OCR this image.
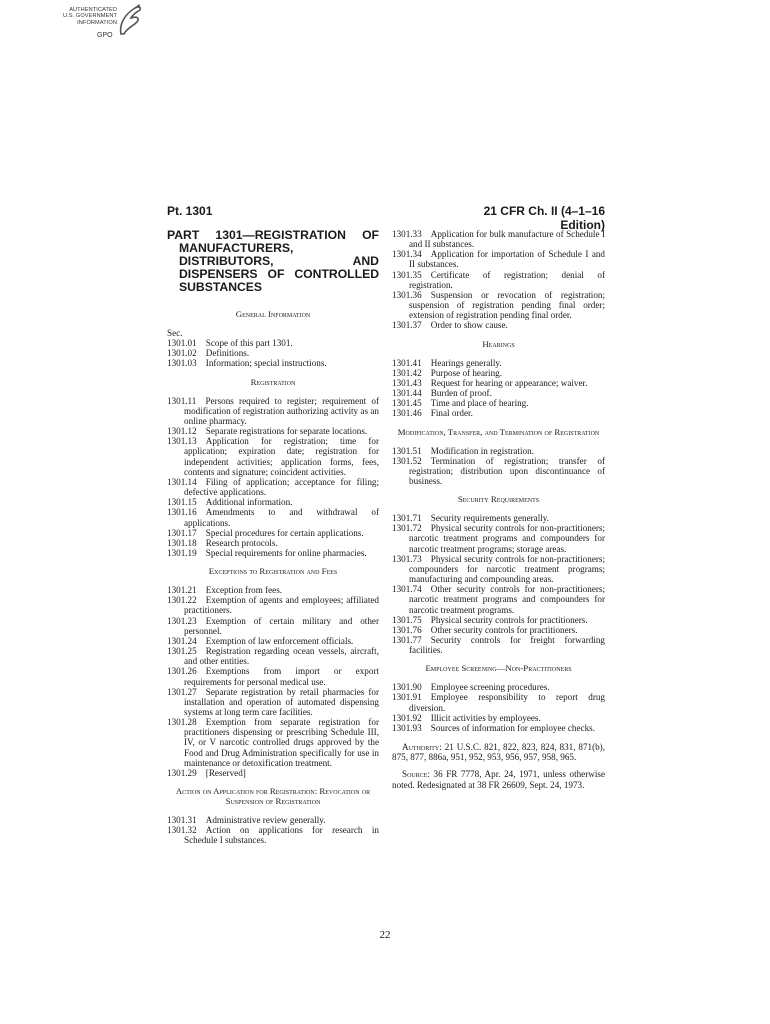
AUTHENTICATED
U.S. GOVERNMENT
INFORMATION
GPO
Pt. 1301	21 CFR Ch. II (4–1–16 Edition)
PART 1301—REGISTRATION OF MANUFACTURERS, DISTRIBUTORS, AND DISPENSERS OF CONTROLLED SUBSTANCES
General Information
Sec.
1301.01  Scope of this part 1301.
1301.02  Definitions.
1301.03  Information; special instructions.
Registration
1301.11  Persons required to register; requirement of modification of registration authorizing activity as an online pharmacy.
1301.12  Separate registrations for separate locations.
1301.13  Application for registration; time for application; expiration date; registration for independent activities; application forms, fees, contents and signature; coincident activities.
1301.14  Filing of application; acceptance for filing; defective applications.
1301.15  Additional information.
1301.16  Amendments to and withdrawal of applications.
1301.17  Special procedures for certain applications.
1301.18  Research protocols.
1301.19  Special requirements for online pharmacies.
Exceptions to Registration and Fees
1301.21  Exception from fees.
1301.22  Exemption of agents and employees; affiliated practitioners.
1301.23  Exemption of certain military and other personnel.
1301.24  Exemption of law enforcement officials.
1301.25  Registration regarding ocean vessels, aircraft, and other entities.
1301.26  Exemptions from import or export requirements for personal medical use.
1301.27  Separate registration by retail pharmacies for installation and operation of automated dispensing systems at long term care facilities.
1301.28  Exemption from separate registration for practitioners dispensing or prescribing Schedule III, IV, or V narcotic controlled drugs approved by the Food and Drug Administration specifically for use in maintenance or detoxification treatment.
1301.29  [Reserved]
Action on Application for Registration: Revocation or Suspension of Registration
1301.31  Administrative review generally.
1301.32  Action on applications for research in Schedule I substances.
1301.33  Application for bulk manufacture of Schedule I and II substances.
1301.34  Application for importation of Schedule I and II substances.
1301.35  Certificate of registration; denial of registration.
1301.36  Suspension or revocation of registration; suspension of registration pending final order; extension of registration pending final order.
1301.37  Order to show cause.
Hearings
1301.41  Hearings generally.
1301.42  Purpose of hearing.
1301.43  Request for hearing or appearance; waiver.
1301.44  Burden of proof.
1301.45  Time and place of hearing.
1301.46  Final order.
Modification, Transfer, and Termination of Registration
1301.51  Modification in registration.
1301.52  Termination of registration; transfer of registration; distribution upon discontinuance of business.
Security Requirements
1301.71  Security requirements generally.
1301.72  Physical security controls for non-practitioners; narcotic treatment programs and compounders for narcotic treatment programs; storage areas.
1301.73  Physical security controls for non-practitioners; compounders for narcotic treatment programs; manufacturing and compounding areas.
1301.74  Other security controls for non-practitioners; narcotic treatment programs and compounders for narcotic treatment programs.
1301.75  Physical security controls for practitioners.
1301.76  Other security controls for practitioners.
1301.77  Security controls for freight forwarding facilities.
Employee Screening—Non-Practitioners
1301.90  Employee screening procedures.
1301.91  Employee responsibility to report drug diversion.
1301.92  Illicit activities by employees.
1301.93  Sources of information for employee checks.
Authority: 21 U.S.C. 821, 822, 823, 824, 831, 871(b), 875, 877, 886a, 951, 952, 953, 956, 957, 958, 965.
Source: 36 FR 7778, Apr. 24, 1971, unless otherwise noted. Redesignated at 38 FR 26609, Sept. 24, 1973.
22
